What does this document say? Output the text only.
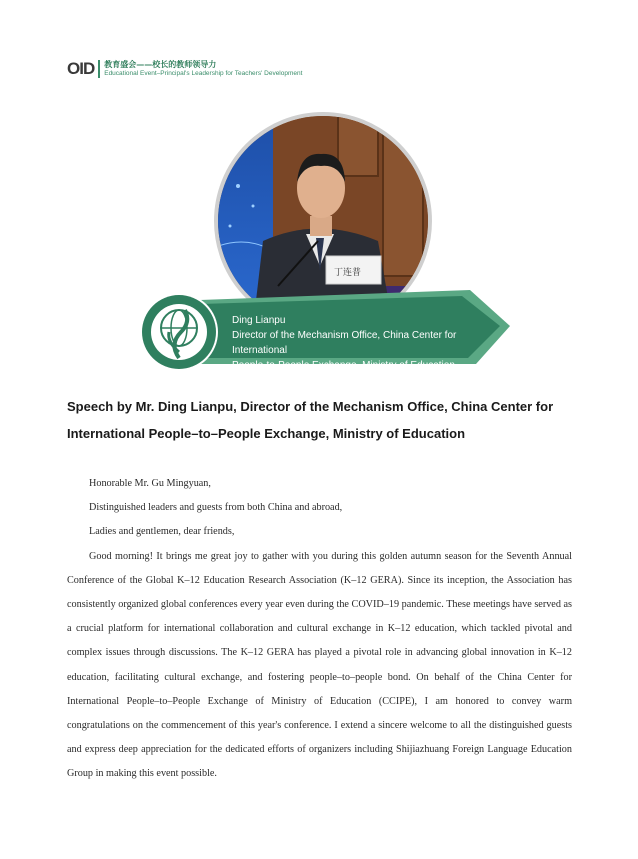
OID	教育盛会——校长的教师领导力
Educational Event–Principal's Leadership for Teachers' Development
丁连普
Ding Lianpu
Director of the Mechanism Office, China Center for International
People-to-People Exchange, Ministry of Education
Speech by Mr. Ding Lianpu, Director of the Mechanism Office, China Center for International People–to–People Exchange, Ministry of Education

Honorable Mr. Gu Mingyuan,

Distinguished leaders and guests from both China and abroad,

Ladies and gentlemen, dear friends,

Good morning! It brings me great joy to gather with you during this golden autumn season for the Seventh Annual Conference of the Global K–12 Education Research Association (K–12 GERA). Since its inception, the Association has consistently organized global conferences every year even during the COVID–19 pandemic. These meetings have served as a crucial platform for international collaboration and cultural exchange in K–12 education, which tackled pivotal and complex issues through discussions. The K–12 GERA has played a pivotal role in advancing global innovation in K–12 education, facilitating cultural exchange, and fostering people–to–people bond. On behalf of the China Center for International People–to–People Exchange of Ministry of Education (CCIPE), I am honored to convey warm congratulations on the commencement of this year's conference. I extend a sincere welcome to all the distinguished guests and express deep appreciation for the dedicated efforts of organizers including Shijiazhuang Foreign Language Education Group in making this event possible.
